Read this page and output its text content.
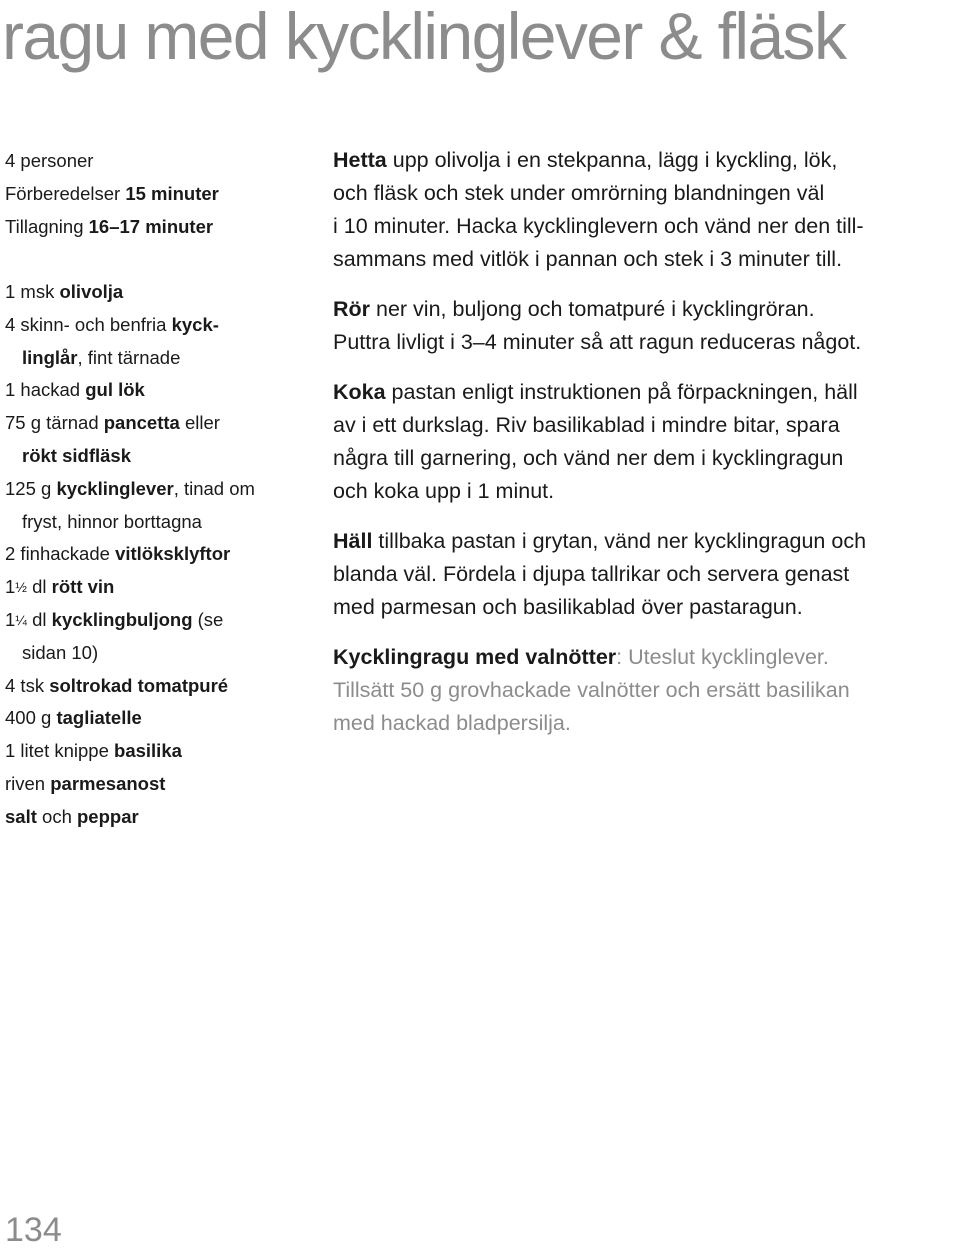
ragu med kycklinglever & fläsk
4 personer
Förberedelser 15 minuter
Tillagning 16–17 minuter
1 msk olivolja
4 skinn- och benfria kyck-
linglår, fint tärnade
1 hackad gul lök
75 g tärnad pancetta eller
rökt sidfläsk
125 g kycklinglever, tinad om
fryst, hinnor borttagna
2 finhackade vitlöksklyftor
1½ dl rött vin
1¼ dl kycklingbuljong (se
sidan 10)
4 tsk soltrokad tomatpuré
400 g tagliatelle
1 litet knippe basilika
riven parmesanost
salt och peppar

Hetta upp olivolja i en stekpanna, lägg i kyckling, lök,
och fläsk och stek under omrörning blandningen väl
i 10 minuter. Hacka kycklinglevern och vänd ner den till-
sammans med vitlök i pannan och stek i 3 minuter till.

Rör ner vin, buljong och tomatpuré i kycklingröran.
Puttra livligt i 3–4 minuter så att ragun reduceras något.

Koka pastan enligt instruktionen på förpackningen, häll
av i ett durkslag. Riv basilikablad i mindre bitar, spara
några till garnering, och vänd ner dem i kycklingragun
och koka upp i 1 minut.

Häll tillbaka pastan i grytan, vänd ner kycklingragun och
blanda väl. Fördela i djupa tallrikar och servera genast
med parmesan och basilikablad över pastaragun.

Kycklingragu med valnötter: Uteslut kycklinglever.
Tillsätt 50 g grovhackade valnötter och ersätt basilikan
med hackad bladpersilja.

134
